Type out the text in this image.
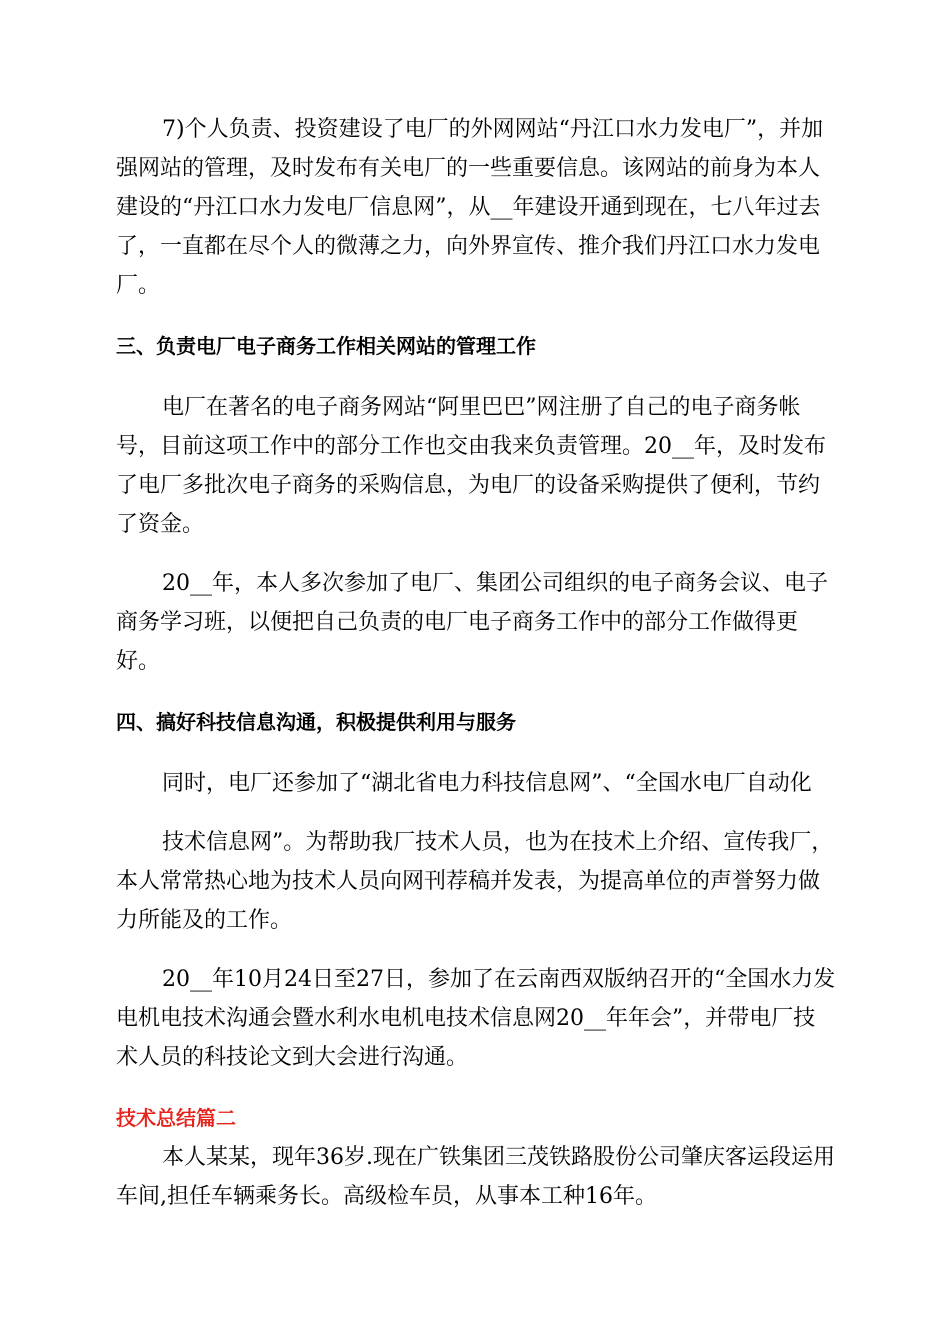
7)个人负责、投资建设了电厂的外网网站“丹江口水力发电厂”，并加强网站的管理，及时发布有关电厂的一些重要信息。该网站的前身为本人建设的“丹江口水力发电厂信息网”，从__年建设开通到现在，七八年过去了，一直都在尽个人的微薄之力，向外界宣传、推介我们丹江口水力发电厂。

三、负责电厂电子商务工作相关网站的管理工作

电厂在著名的电子商务网站“阿里巴巴”网注册了自己的电子商务帐号，目前这项工作中的部分工作也交由我来负责管理。20__年，及时发布了电厂多批次电子商务的采购信息，为电厂的设备采购提供了便利，节约了资金。

20__年，本人多次参加了电厂、集团公司组织的电子商务会议、电子商务学习班，以便把自己负责的电厂电子商务工作中的部分工作做得更好。

四、搞好科技信息沟通，积极提供利用与服务

同时，电厂还参加了“湖北省电力科技信息网”、“全国水电厂自动化

技术信息网”。为帮助我厂技术人员，也为在技术上介绍、宣传我厂，本人常常热心地为技术人员向网刊荐稿并发表，为提高单位的声誉努力做力所能及的工作。

20__年10月24日至27日，参加了在云南西双版纳召开的“全国水力发电机电技术沟通会暨水利水电机电技术信息网20__年年会”，并带电厂技术人员的科技论文到大会进行沟通。

技术总结篇二

本人某某，现年36岁.现在广铁集团三茂铁路股份公司肇庆客运段运用车间,担任车辆乘务长。高级检车员，从事本工种16年。
